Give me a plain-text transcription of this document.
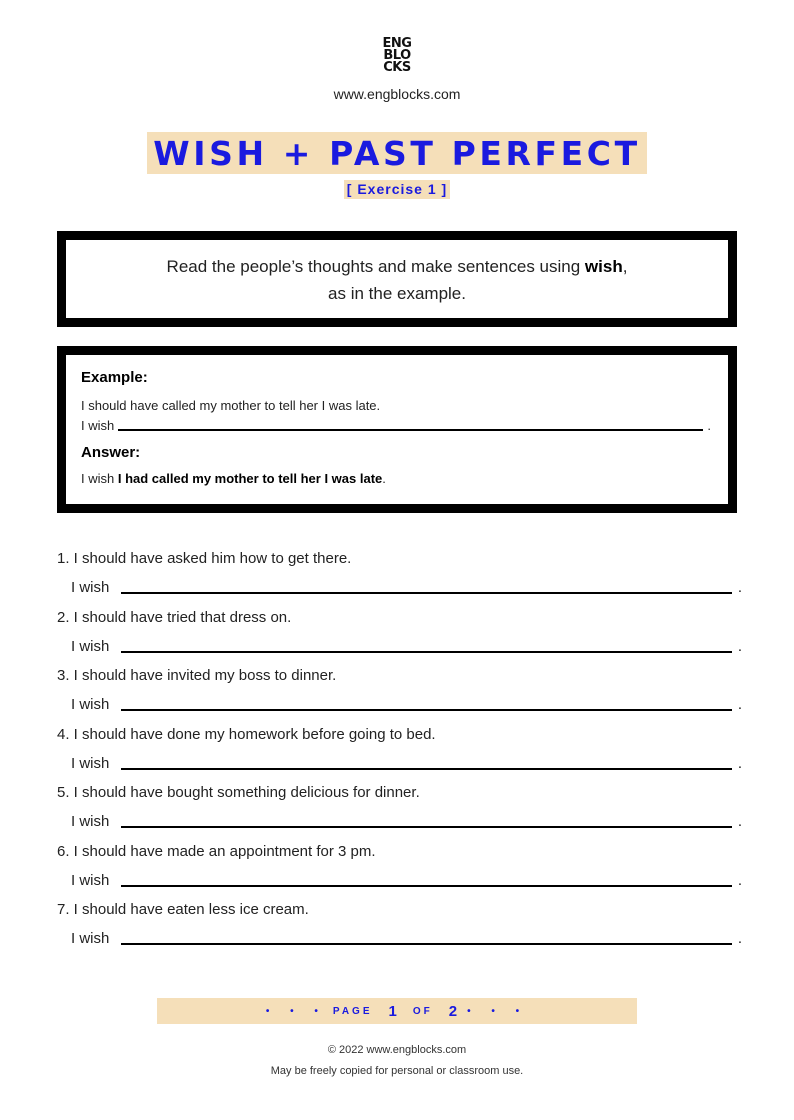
ENG
BLO
CKS
www.engblocks.com
WISH + PAST PERFECT
[ Exercise 1 ]
Read the people’s thoughts and make sentences using wish,
as in the example.
Example:
I should have called my mother to tell her I was late.
I wish	.
Answer:
I wish I had called my mother to tell her I was late.
1. I should have asked him how to get there.
I wish	.
2. I should have tried that dress on.
I wish	.
3. I should have invited my boss to dinner.
I wish	.
4. I should have done my homework before going to bed.
I wish	.
5. I should have bought something delicious for dinner.
I wish	.
6. I should have made an appointment for 3 pm.
I wish	.
7. I should have eaten less ice cream.
I wish	.
• • • PAGE 1 OF 2 • • •
© 2022 www.engblocks.com
May be freely copied for personal or classroom use.
